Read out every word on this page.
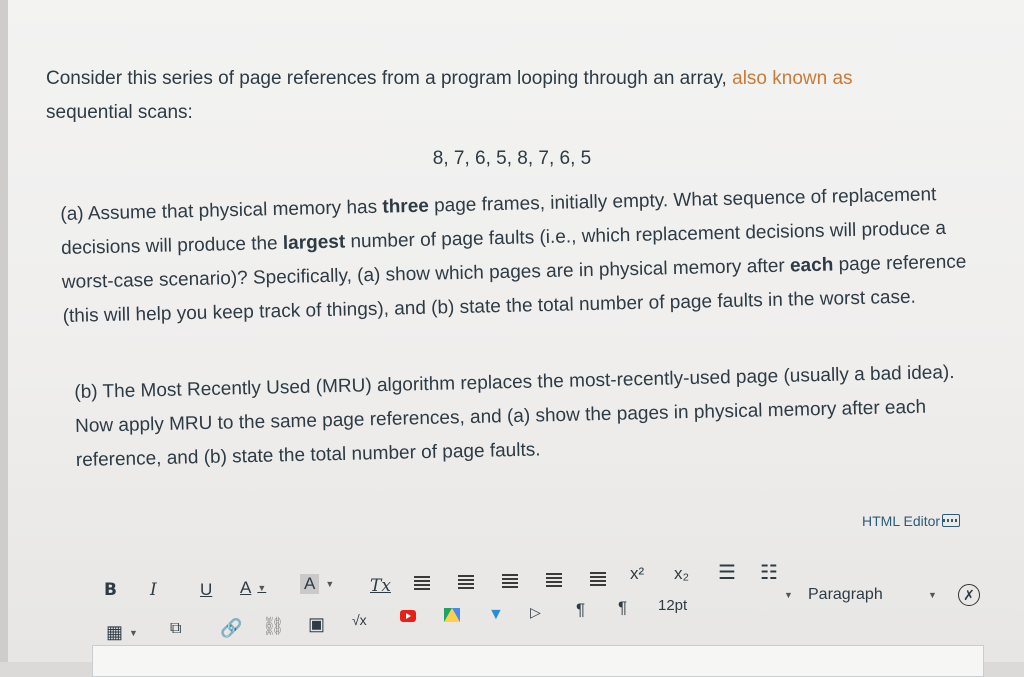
Consider this series of page references from a program looping through an array, also known as
sequential scans:

8, 7, 6, 5, 8, 7, 6, 5
(a) Assume that physical memory has three page frames, initially empty. What sequence of replacement decisions will produce the largest number of page faults (i.e., which replacement decisions will produce a worst-case scenario)? Specifically, (a) show which pages are in physical memory after each page reference (this will help you keep track of things), and (b) state the total number of page faults in the worst case.
(b) The Most Recently Used (MRU) algorithm replaces the most-recently-used page (usually a bad idea). Now apply MRU to the same page references, and (a) show the pages in physical memory after each reference, and (b) state the total number of page faults.
HTML Editor
B I	U A ▼ A	▼ Tx
x² x₂ ☰ ☷
▦ ▼ ⧉ 🔗 ⛓ ▣ √x	▼ ▷ ¶ ¶ 12pt
▼ Paragraph	▼	✗
